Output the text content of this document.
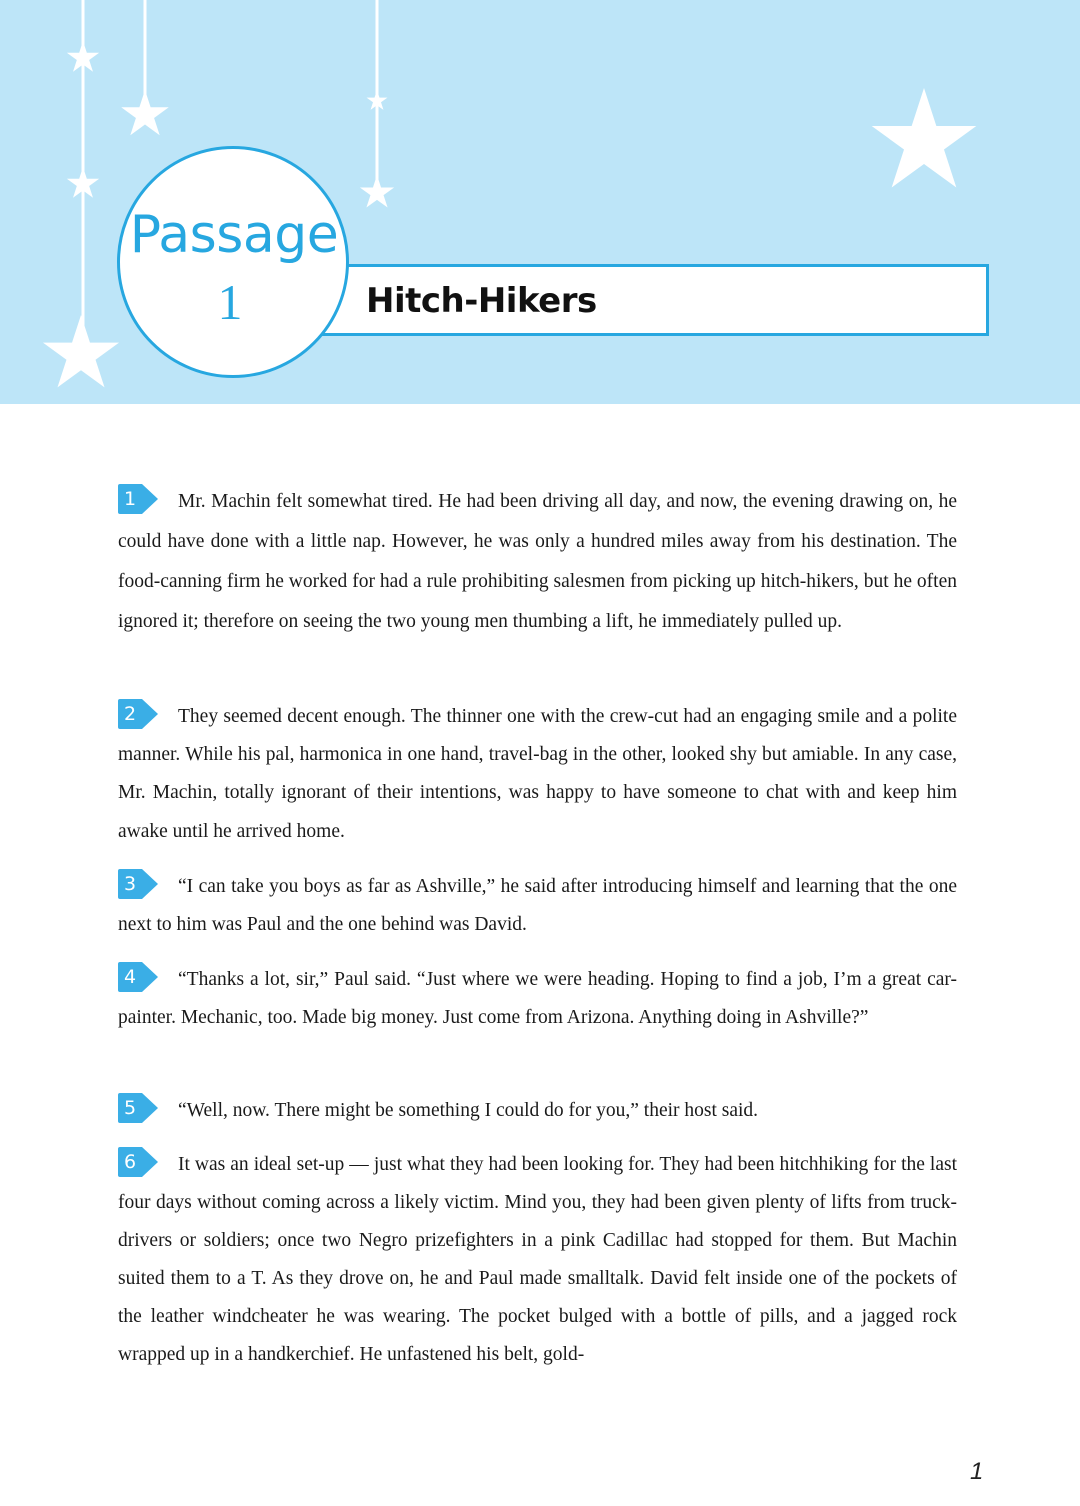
Hitch-Hikers
Passage
1

1 Mr. Machin felt somewhat tired. He had been driving all day, and now, the evening drawing on, he could have done with a little nap. However, he was only a hundred miles away from his destination. The food-canning firm he worked for had a rule prohibiting salesmen from picking up hitch-hikers, but he often ignored it; therefore on seeing the two young men thumbing a lift, he immediately pulled up.

2 They seemed decent enough. The thinner one with the crew-cut had an engaging smile and a polite manner. While his pal, harmonica in one hand, travel-bag in the other, looked shy but amiable. In any case, Mr. Machin, totally ignorant of their intentions, was happy to have someone to chat with and keep him awake until he arrived home.

3 “I can take you boys as far as Ashville,” he said after introducing himself and learning that the one next to him was Paul and the one behind was David.

4 “Thanks a lot, sir,” Paul said. “Just where we were heading. Hoping to find a job, I’m a great car-painter. Mechanic, too. Made big money. Just come from Arizona. Anything doing in Ashville?”

5 “Well, now. There might be something I could do for you,” their host said.

6 It was an ideal set-up — just what they had been looking for. They had been hitchhiking for the last four days without coming across a likely victim. Mind you, they had been given plenty of lifts from truck-drivers or soldiers; once two Negro prizefighters in a pink Cadillac had stopped for them. But Machin suited them to a T. As they drove on, he and Paul made smalltalk. David felt inside one of the pockets of the leather windcheater he was wearing. The pocket bulged with a bottle of pills, and a jagged rock wrapped up in a handkerchief. He unfastened his belt, gold-

1
